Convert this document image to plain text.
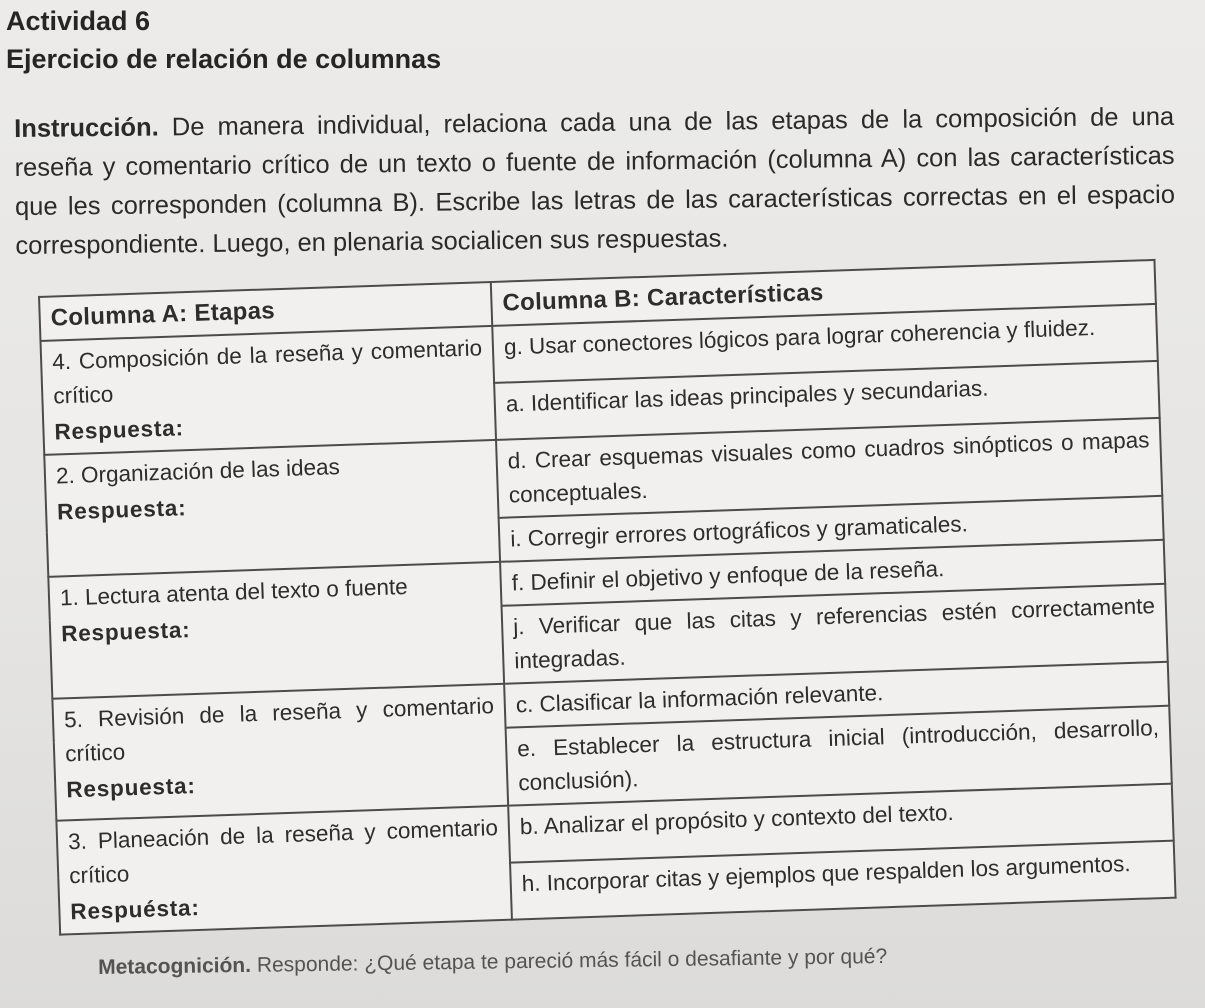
Actividad 6
Ejercicio de relación de columnas
Instrucción. De manera individual, relaciona cada una de las etapas de la composición de una reseña y comentario crítico de un texto o fuente de información (columna A) con las características que les corresponden (columna B). Escribe las letras de las características correctas en el espacio correspondiente. Luego, en plenaria socialicen sus respuestas.
Columna A: Etapas	Columna B: Características

4. Composición de la reseña y comentario crítico
Respuesta:	g. Usar conectores lógicos para lograr coherencia y fluidez.
	a. Identificar las ideas principales y secundarias.

2. Organización de las ideas
Respuesta:	d. Crear esquemas visuales como cuadros sinópticos o mapas conceptuales.
	i. Corregir errores ortográficos y gramaticales.

1. Lectura atenta del texto o fuente
Respuesta:	f. Definir el objetivo y enfoque de la reseña.
	j. Verificar que las citas y referencias estén correctamente integradas.

5. Revisión de la reseña y comentario crítico
Respuesta:	c. Clasificar la información relevante.
	e. Establecer la estructura inicial (introducción, desarrollo, conclusión).

3. Planeación de la reseña y comentario crítico
Respuésta:	b. Analizar el propósito y contexto del texto.
	h. Incorporar citas y ejemplos que respalden los argumentos.
Metacognición. Responde: ¿Qué etapa te pareció más fácil o desafiante y por qué?
